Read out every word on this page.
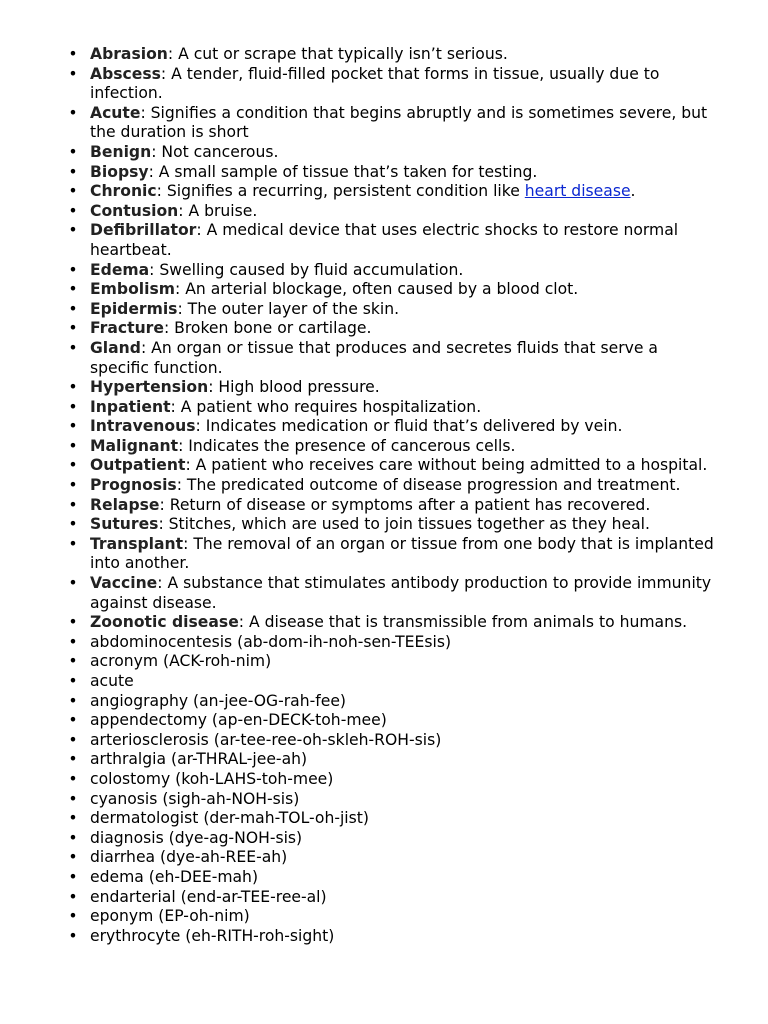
• Abrasion: A cut or scrape that typically isn’t serious.
• Abscess: A tender, fluid-filled pocket that forms in tissue, usually due to infection.
• Acute: Signifies a condition that begins abruptly and is sometimes severe, but the duration is short
• Benign: Not cancerous.
• Biopsy: A small sample of tissue that’s taken for testing.
• Chronic: Signifies a recurring, persistent condition like heart disease.
• Contusion: A bruise.
• Defibrillator: A medical device that uses electric shocks to restore normal heartbeat.
• Edema: Swelling caused by fluid accumulation.
• Embolism: An arterial blockage, often caused by a blood clot.
• Epidermis: The outer layer of the skin.
• Fracture: Broken bone or cartilage.
• Gland: An organ or tissue that produces and secretes fluids that serve a specific function.
• Hypertension: High blood pressure.
• Inpatient: A patient who requires hospitalization.
• Intravenous: Indicates medication or fluid that’s delivered by vein.
• Malignant: Indicates the presence of cancerous cells.
• Outpatient: A patient who receives care without being admitted to a hospital.
• Prognosis: The predicated outcome of disease progression and treatment.
• Relapse: Return of disease or symptoms after a patient has recovered.
• Sutures: Stitches, which are used to join tissues together as they heal.
• Transplant: The removal of an organ or tissue from one body that is implanted into another.
• Vaccine: A substance that stimulates antibody production to provide immunity against disease.
• Zoonotic disease: A disease that is transmissible from animals to humans.
• abdominocentesis (ab-dom-ih-noh-sen-TEEsis)
• acronym (ACK-roh-nim)
• acute
• angiography (an-jee-OG-rah-fee)
• appendectomy (ap-en-DECK-toh-mee)
• arteriosclerosis (ar-tee-ree-oh-skleh-ROH-sis)
• arthralgia (ar-THRAL-jee-ah)
• colostomy (koh-LAHS-toh-mee)
• cyanosis (sigh-ah-NOH-sis)
• dermatologist (der-mah-TOL-oh-jist)
• diagnosis (dye-ag-NOH-sis)
• diarrhea (dye-ah-REE-ah)
• edema (eh-DEE-mah)
• endarterial (end-ar-TEE-ree-al)
• eponym (EP-oh-nim)
• erythrocyte (eh-RITH-roh-sight)
